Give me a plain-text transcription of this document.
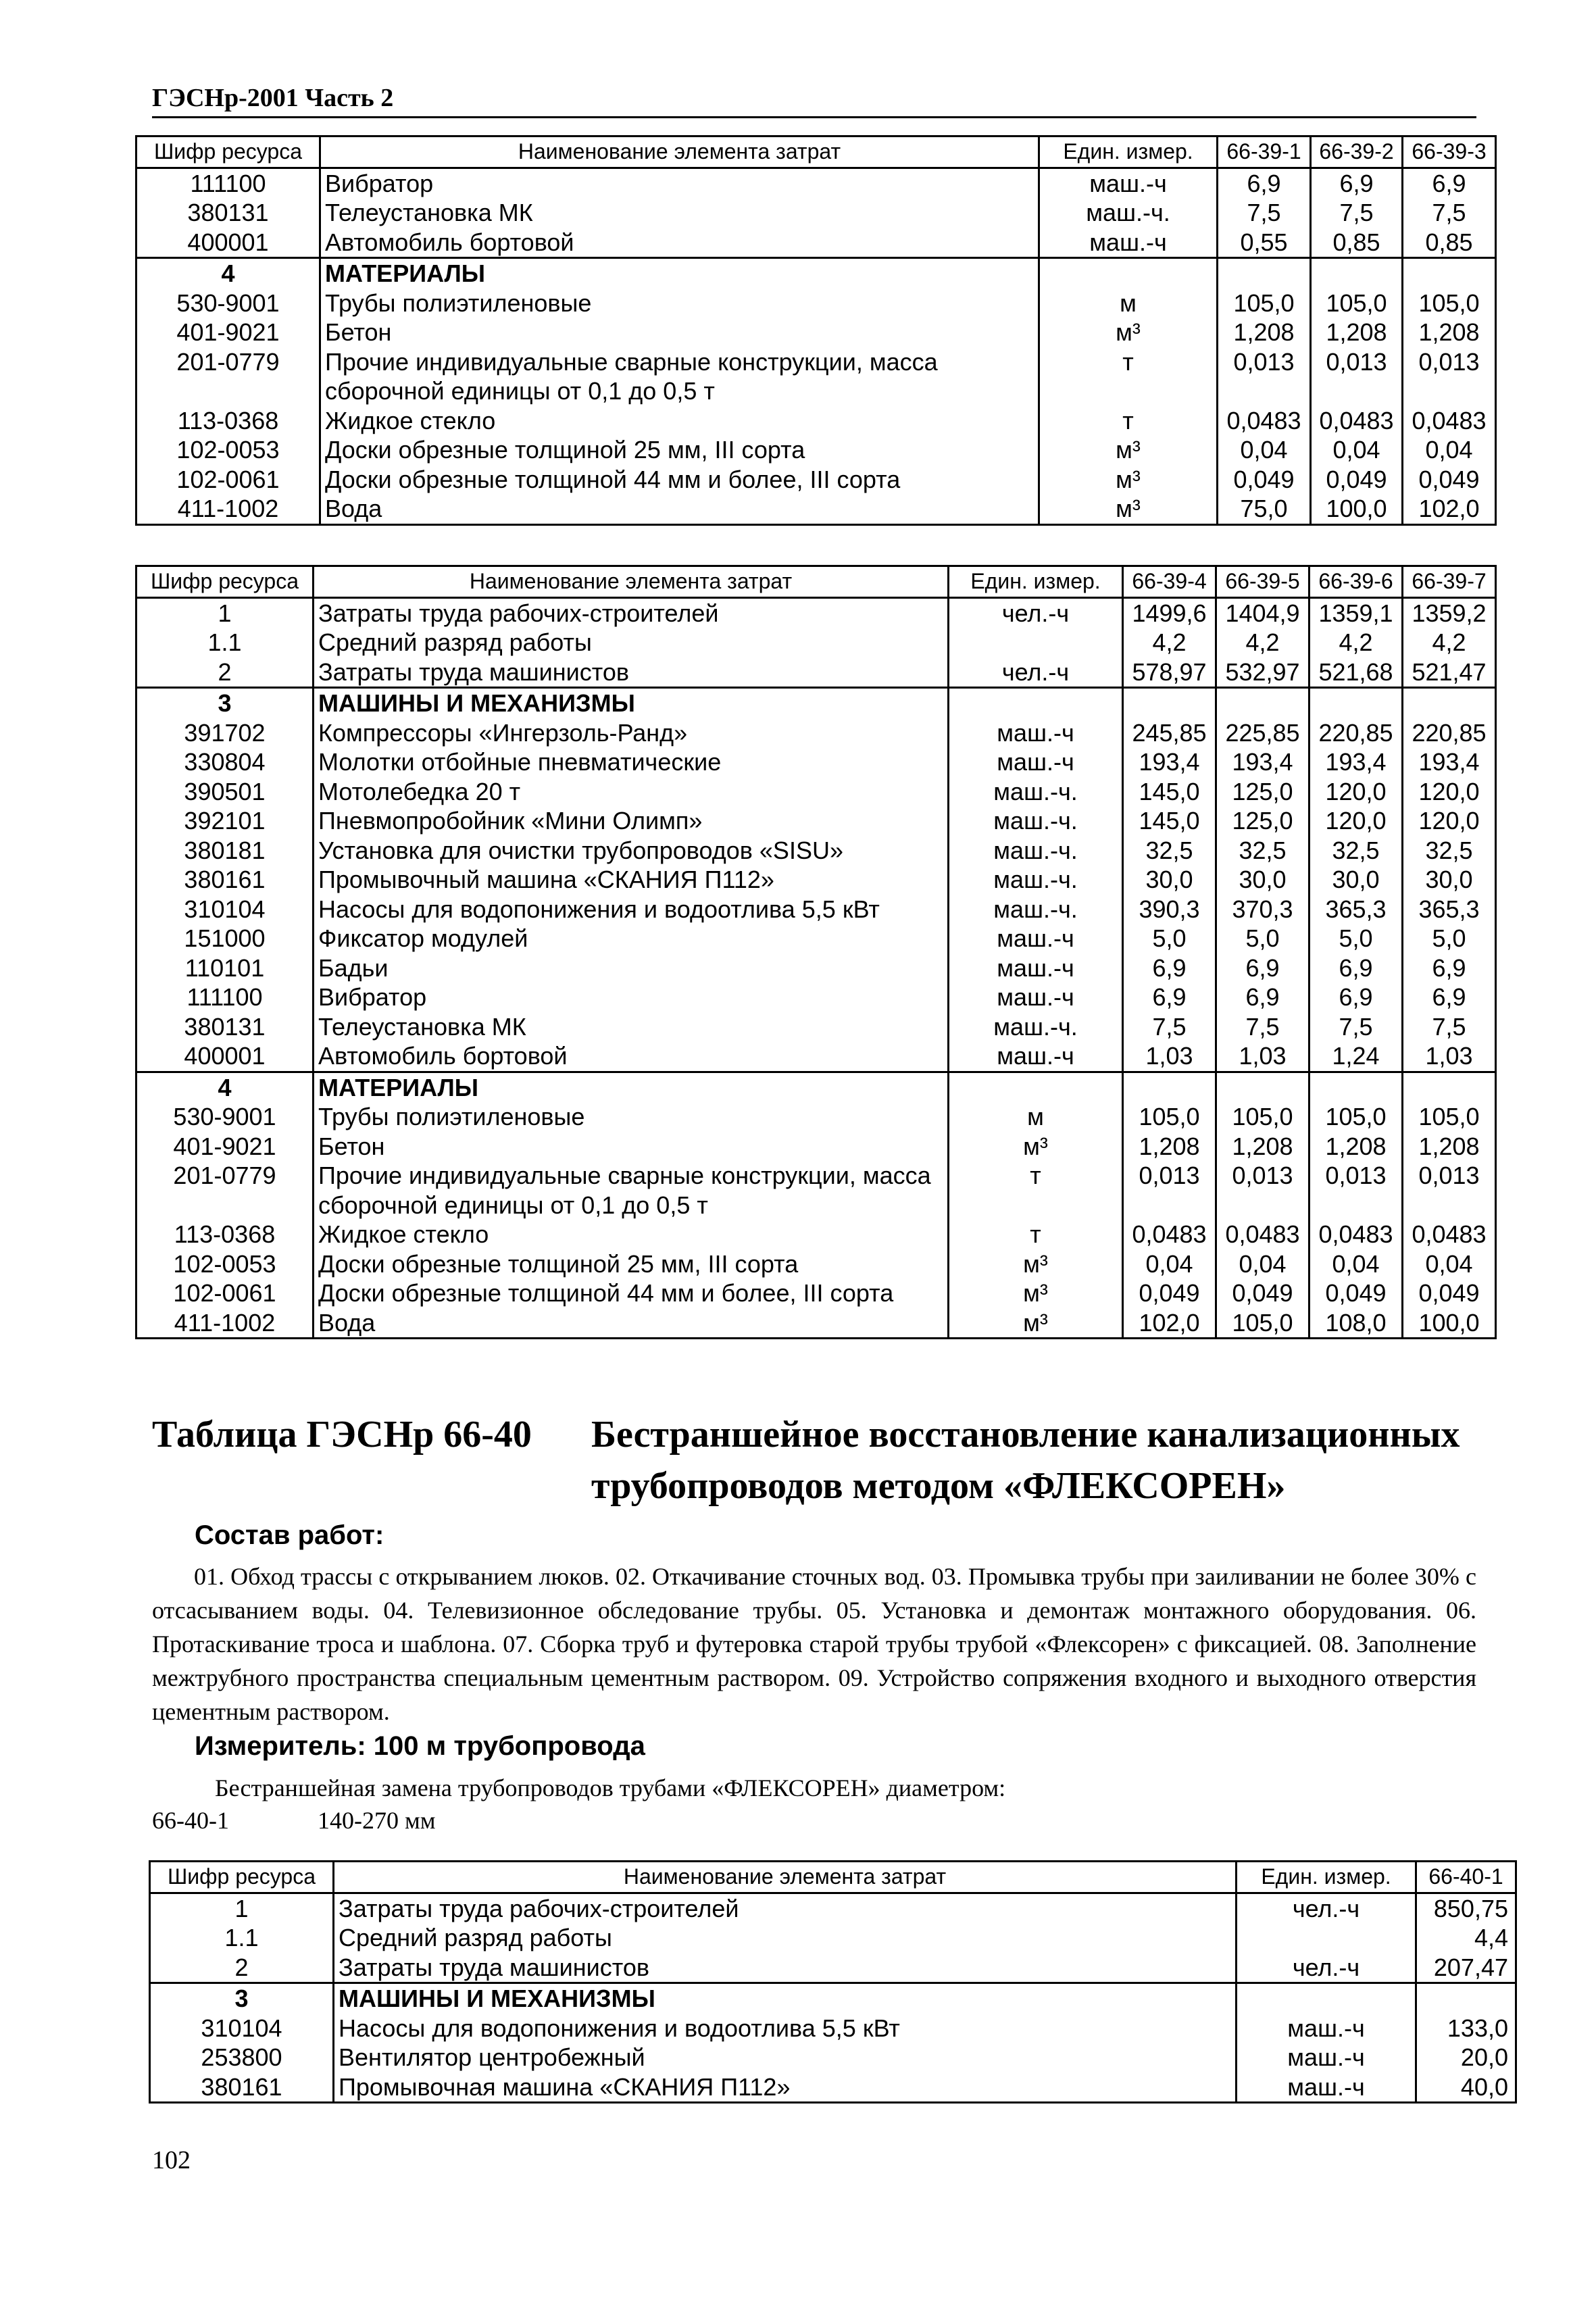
ГЭСНр-2001 Часть 2
Шифр ресурса	Наименование элемента затрат	Един. измер.	66-39-1	66-39-2	66-39-3
111100	Вибратор	маш.-ч	6,9	6,9	6,9
380131	Телеустановка МК	маш.-ч.	7,5	7,5	7,5
400001	Автомобиль бортовой	маш.-ч	0,55	0,85	0,85
4	МАТЕРИАЛЫ				
530-9001	Трубы полиэтиленовые	м	105,0	105,0	105,0
401-9021	Бетон	м³	1,208	1,208	1,208
201-0779	Прочие индивидуальные сварные конструкции, масса сборочной единицы от 0,1 до 0,5 т	т	0,013	0,013	0,013
113-0368	Жидкое стекло	т	0,0483	0,0483	0,0483
102-0053	Доски обрезные толщиной 25 мм, III сорта	м³	0,04	0,04	0,04
102-0061	Доски обрезные толщиной 44 мм и более, III сорта	м³	0,049	0,049	0,049
411-1002	Вода	м³	75,0	100,0	102,0
Шифр ресурса	Наименование элемента затрат	Един. измер.	66-39-4	66-39-5	66-39-6	66-39-7
1	Затраты труда рабочих-строителей	чел.-ч	1499,6	1404,9	1359,1	1359,2
1.1	Средний разряд работы		4,2	4,2	4,2	4,2
2	Затраты труда машинистов	чел.-ч	578,97	532,97	521,68	521,47
3	МАШИНЫ И МЕХАНИЗМЫ					
391702	Компрессоры «Ингерзоль-Ранд»	маш.-ч	245,85	225,85	220,85	220,85
330804	Молотки отбойные пневматические	маш.-ч	193,4	193,4	193,4	193,4
390501	Мотолебедка 20 т	маш.-ч.	145,0	125,0	120,0	120,0
392101	Пневмопробойник «Мини Олимп»	маш.-ч.	145,0	125,0	120,0	120,0
380181	Установка для очистки трубопроводов «SISU»	маш.-ч.	32,5	32,5	32,5	32,5
380161	Промывочный машина «СКАНИЯ П112»	маш.-ч.	30,0	30,0	30,0	30,0
310104	Насосы для водопонижения и водоотлива 5,5 кВт	маш.-ч.	390,3	370,3	365,3	365,3
151000	Фиксатор модулей	маш.-ч	5,0	5,0	5,0	5,0
110101	Бадьи	маш.-ч	6,9	6,9	6,9	6,9
111100	Вибратор	маш.-ч	6,9	6,9	6,9	6,9
380131	Телеустановка МК	маш.-ч.	7,5	7,5	7,5	7,5
400001	Автомобиль бортовой	маш.-ч	1,03	1,03	1,24	1,03
4	МАТЕРИАЛЫ					
530-9001	Трубы полиэтиленовые	м	105,0	105,0	105,0	105,0
401-9021	Бетон	м³	1,208	1,208	1,208	1,208
201-0779	Прочие индивидуальные сварные конструкции, масса сборочной единицы от 0,1 до 0,5 т	т	0,013	0,013	0,013	0,013
113-0368	Жидкое стекло	т	0,0483	0,0483	0,0483	0,0483
102-0053	Доски обрезные толщиной 25 мм, III сорта	м³	0,04	0,04	0,04	0,04
102-0061	Доски обрезные толщиной 44 мм и более, III сорта	м³	0,049	0,049	0,049	0,049
411-1002	Вода	м³	102,0	105,0	108,0	100,0
Таблица ГЭСНр 66-40 Бестраншейное восстановление канализационных трубопроводов методом «ФЛЕКСОРЕН»
Состав работ:
01. Обход трассы с открыванием люков. 02. Откачивание сточных вод. 03. Промывка трубы при заиливании не более 30% с отсасыванием воды. 04. Телевизионное обследование трубы. 05. Установка и демонтаж монтажного оборудования. 06. Протаскивание троса и шаблона. 07. Сборка труб и футеровка старой трубы трубой «Флексорен» с фиксацией. 08. Заполнение межтрубного пространства специальным цементным раствором. 09. Устройство сопряжения входного и выходного отверстия цементным раствором.
Измеритель: 100 м трубопровода
Бестраншейная замена трубопроводов трубами «ФЛЕКСОРЕН» диаметром:
66-40-1	140-270 мм
Шифр ресурса	Наименование элемента затрат	Един. измер.	66-40-1
1	Затраты труда рабочих-строителей	чел.-ч	850,75
1.1	Средний разряд работы		4,4
2	Затраты труда машинистов	чел.-ч	207,47
3	МАШИНЫ И МЕХАНИЗМЫ		
310104	Насосы для водопонижения и водоотлива 5,5 кВт	маш.-ч	133,0
253800	Вентилятор центробежный	маш.-ч	20,0
380161	Промывочная машина «СКАНИЯ П112»	маш.-ч	40,0
102
